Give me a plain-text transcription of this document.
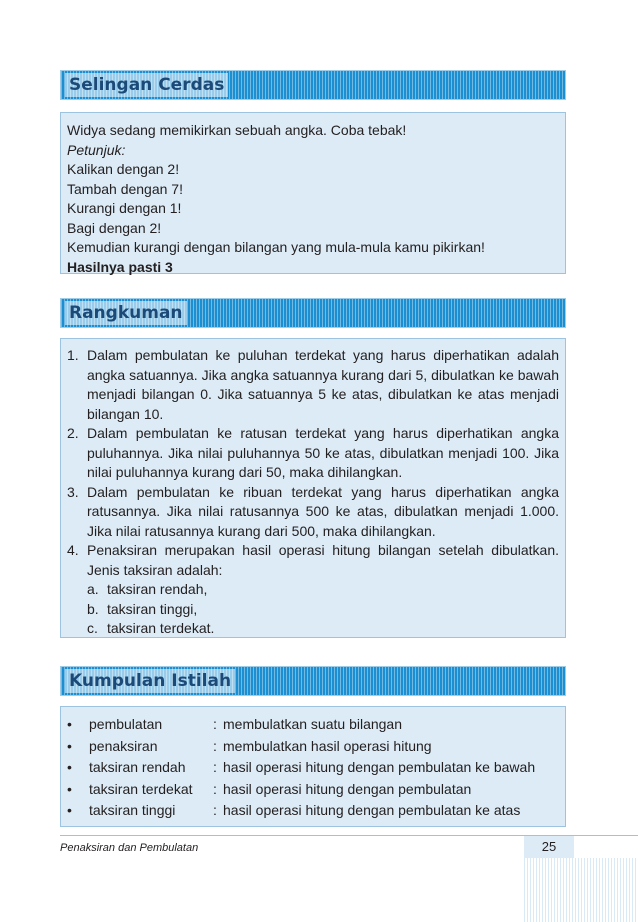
Selingan Cerdas
Widya sedang memikirkan sebuah angka. Coba tebak!
Petunjuk:
Kalikan dengan 2!
Tambah dengan 7!
Kurangi dengan 1!
Bagi dengan 2!
Kemudian kurangi dengan bilangan yang mula-mula kamu pikirkan!
Hasilnya pasti 3
Rangkuman
1. Dalam pembulatan ke puluhan terdekat yang harus diperhatikan adalah angka satuannya. Jika angka satuannya kurang dari 5, dibulatkan ke bawah menjadi bilangan 0. Jika satuannya 5 ke atas, dibulatkan ke atas menjadi bilangan 10.
2. Dalam pembulatan ke ratusan terdekat yang harus diperhatikan angka puluhannya. Jika nilai puluhannya 50 ke atas, dibulatkan menjadi 100. Jika nilai puluhannya kurang dari 50, maka dihilangkan.
3. Dalam pembulatan ke ribuan terdekat yang harus diperhatikan angka ratusannya. Jika nilai ratusannya 500 ke atas, dibulatkan menjadi 1.000. Jika nilai ratusannya kurang dari 500, maka dihilangkan.
4. Penaksiran merupakan hasil operasi hitung bilangan setelah dibulatkan. Jenis taksiran adalah:
a. taksiran rendah,
b. taksiran tinggi,
c. taksiran terdekat.
Kumpulan Istilah
•	pembulatan	: membulatkan suatu bilangan
•	penaksiran	: membulatkan hasil operasi hitung
•	taksiran rendah	: hasil operasi hitung dengan pembulatan ke bawah
•	taksiran terdekat	: hasil operasi hitung dengan pembulatan
•	taksiran tinggi	: hasil operasi hitung dengan pembulatan ke atas
Penaksiran dan Pembulatan	25
